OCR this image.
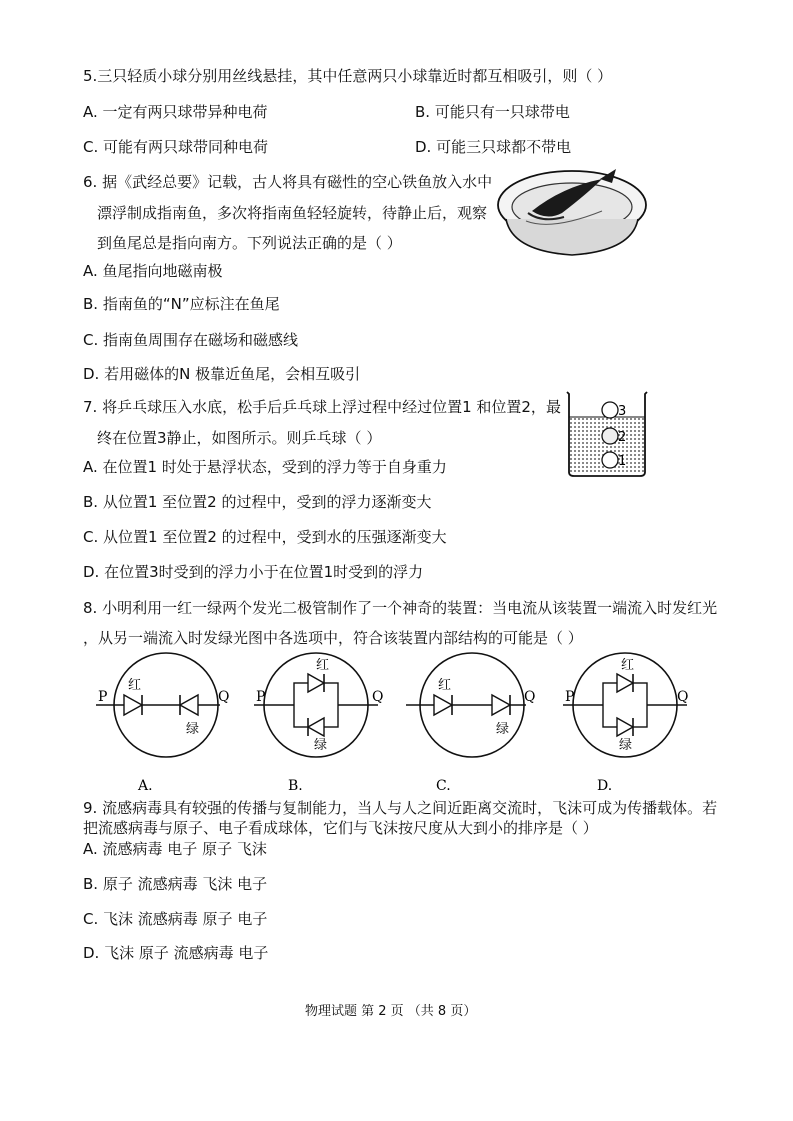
5.三只轻质小球分别用丝线悬挂，其中任意两只小球靠近时都互相吸引，则（ ）
A. 一定有两只球带异种电荷	B. 可能只有一只球带电
C. 可能有两只球带同种电荷	D. 可能三只球都不带电
6. 据《武经总要》记载，古人将具有磁性的空心铁鱼放入水中
漂浮制成指南鱼，多次将指南鱼轻轻旋转，待静止后，观察
到鱼尾总是指向南方。下列说法正确的是（ ）
A. 鱼尾指向地磁南极
B. 指南鱼的“N”应标注在鱼尾
C. 指南鱼周围存在磁场和磁感线
D. 若用磁体的N 极靠近鱼尾，会相互吸引
7. 将乒乓球压入水底，松手后乒乓球上浮过程中经过位置1 和位置2，最
终在位置3静止，如图所示。则乒乓球（ ）
A. 在位置1 时处于悬浮状态，受到的浮力等于自身重力
B. 从位置1 至位置2 的过程中，受到的浮力逐渐变大
C. 从位置1 至位置2 的过程中，受到水的压强逐渐变大
D. 在位置3时受到的浮力小于在位置1时受到的浮力
3
2
1
8. 小明利用一红一绿两个发光二极管制作了一个神奇的装置：当电流从该装置一端流入时发红光
，从另一端流入时发绿光图中各选项中，符合该装置内部结构的可能是（ ）
P	Q
红
绿
A.
P	Q
红
绿
B.
Q
红
绿
C.
P	Q
红
绿
D.
9. 流感病毒具有较强的传播与复制能力，当人与人之间近距离交流时，飞沫可成为传播载体。若
把流感病毒与原子、电子看成球体，它们与飞沫按尺度从大到小的排序是（ ）
A. 流感病毒 电子 原子 飞沫
B. 原子 流感病毒 飞沫 电子
C. 飞沫 流感病毒 原子 电子
D. 飞沫 原子 流感病毒 电子
物理试题 第 2 页 （共 8 页）
